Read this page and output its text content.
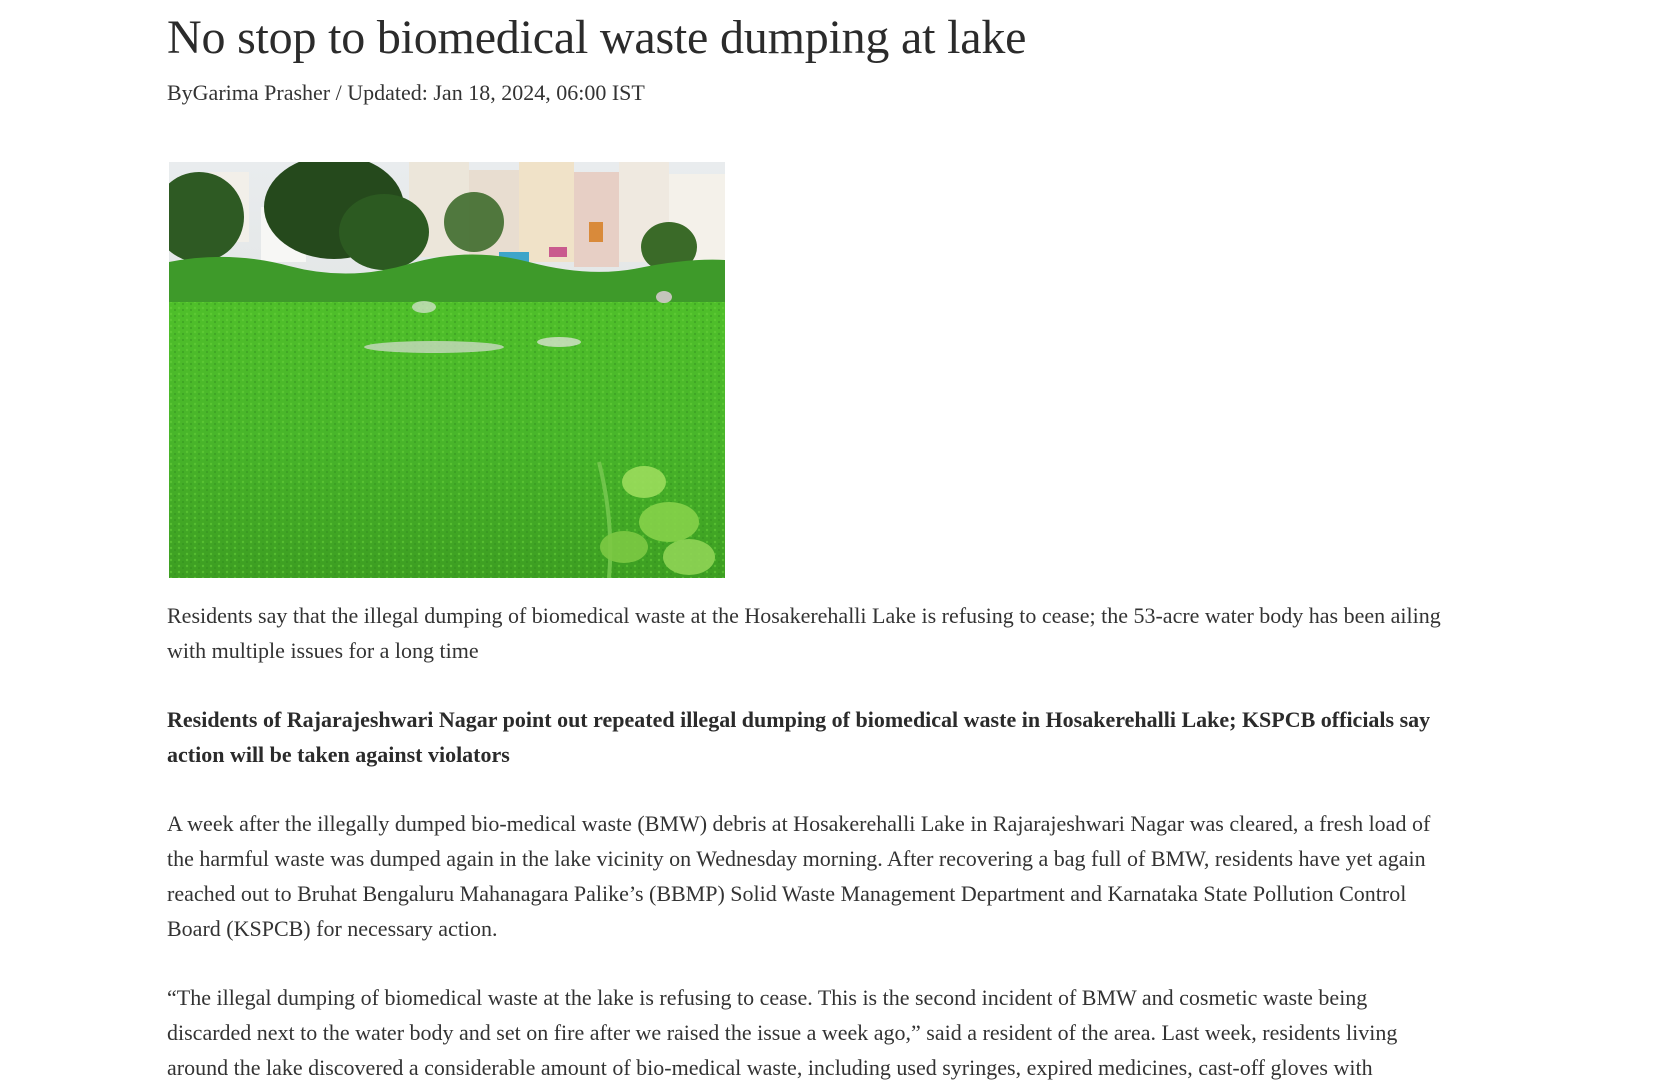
No stop to biomedical waste dumping at lake
ByGarima Prasher / Updated: Jan 18, 2024, 06:00 IST

Residents say that the illegal dumping of biomedical waste at the Hosakerehalli Lake is refusing to cease; the 53-acre water body has been ailing with multiple issues for a long time

Residents of Rajarajeshwari Nagar point out repeated illegal dumping of biomedical waste in Hosakerehalli Lake; KSPCB officials say action will be taken against violators

A week after the illegally dumped bio-medical waste (BMW) debris at Hosakerehalli Lake in Rajarajeshwari Nagar was cleared, a fresh load of the harmful waste was dumped again in the lake vicinity on Wednesday morning. After recovering a bag full of BMW, residents have yet again reached out to Bruhat Bengaluru Mahanagara Palike’s (BBMP) Solid Waste Management Department and Karnataka State Pollution Control Board (KSPCB) for necessary action.

“The illegal dumping of biomedical waste at the lake is refusing to cease. This is the second incident of BMW and cosmetic waste being discarded next to the water body and set on fire after we raised the issue a week ago,” said a resident of the area. Last week, residents living around the lake discovered a considerable amount of bio-medical waste, including used syringes, expired medicines, cast-off gloves with
